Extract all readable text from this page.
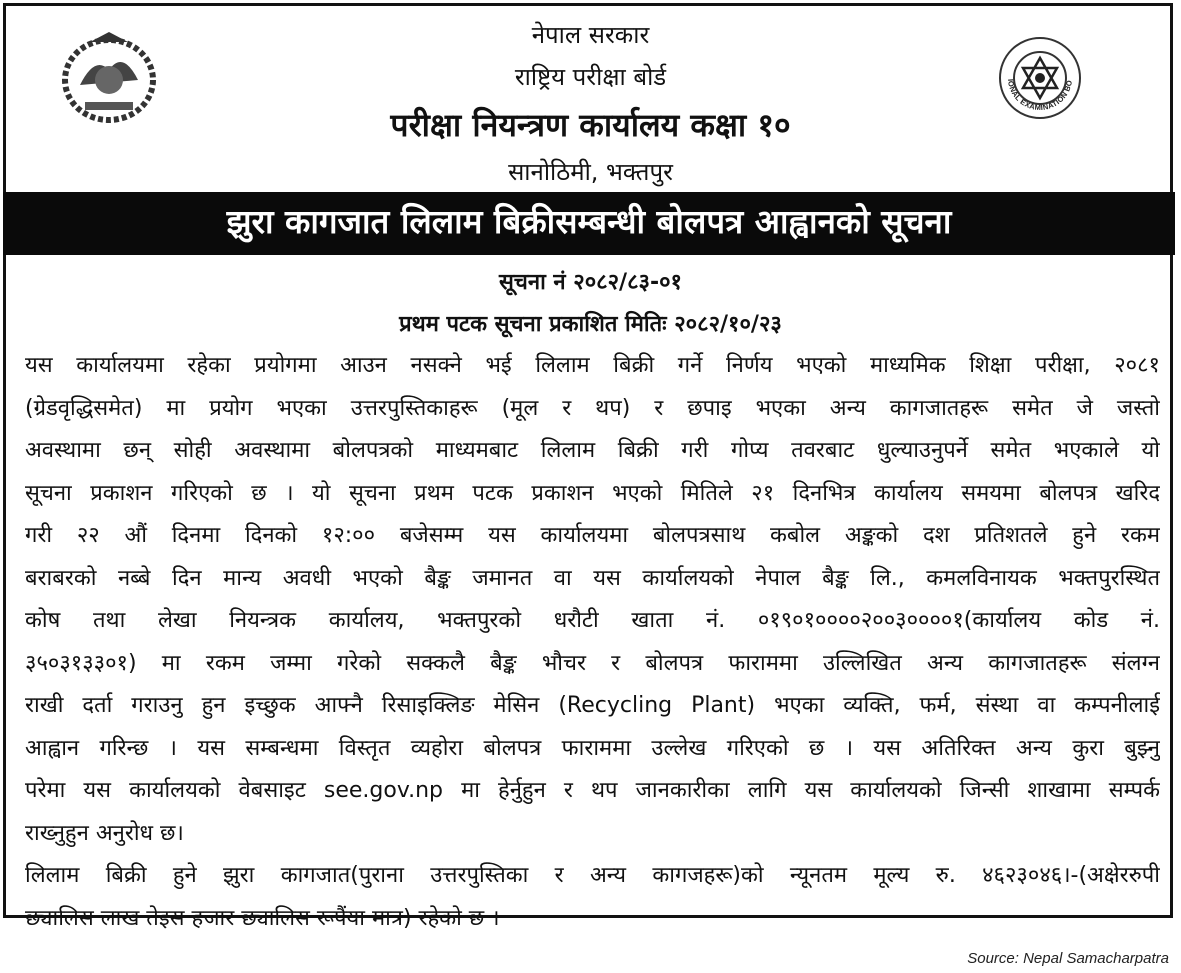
IONAL EXAMINATION BO
नेपाल सरकार
राष्ट्रिय परीक्षा बोर्ड
परीक्षा नियन्त्रण कार्यालय कक्षा १०
सानोठिमी, भक्तपुर
झुरा कागजात लिलाम बिक्रीसम्बन्धी बोलपत्र आह्वानको सूचना
सूचना नं २०८२/८३-०१
प्रथम पटक सूचना प्रकाशित मितिः २०८२/१०/२३
यस कार्यालयमा रहेका प्रयोगमा आउन नसक्ने भई लिलाम बिक्री गर्ने निर्णय भएको माध्यमिक शिक्षा परीक्षा, २०८१
(ग्रेडवृद्धिसमेत) मा प्रयोग भएका उत्तरपुस्तिकाहरू (मूल र थप) र छपाइ भएका अन्य कागजातहरू समेत जे जस्तो
अवस्थामा छन् सोही अवस्थामा बोलपत्रको माध्यमबाट लिलाम बिक्री गरी गोप्य तवरबाट धुल्याउनुपर्ने समेत भएकाले यो
सूचना प्रकाशन गरिएको छ । यो सूचना प्रथम पटक प्रकाशन भएको मितिले २१ दिनभित्र कार्यालय समयमा बोलपत्र खरिद
गरी २२ औं दिनमा दिनको १२:०० बजेसम्म यस कार्यालयमा बोलपत्रसाथ कबोल अङ्कको दश प्रतिशतले हुने रकम
बराबरको नब्बे दिन मान्य अवधी भएको बैङ्क जमानत वा यस कार्यालयको नेपाल बैङ्क लि., कमलविनायक भक्तपुरस्थित
कोष तथा लेखा नियन्त्रक कार्यालय, भक्तपुरको धरौटी खाता नं. ०१९०१००००२००३००००१(कार्यालय कोड नं.
३५०३१३३०१) मा रकम जम्मा गरेको सक्कलै बैङ्क भौचर र बोलपत्र फाराममा उल्लिखित अन्य कागजातहरू संलग्न
राखी दर्ता गराउनु हुन इच्छुक आफ्नै रिसाइक्लिङ मेसिन (Recycling Plant) भएका व्यक्ति, फर्म, संस्था वा कम्पनीलाई
आह्वान गरिन्छ । यस सम्बन्धमा विस्तृत व्यहोरा बोलपत्र फाराममा उल्लेख गरिएको छ । यस अतिरिक्त अन्य कुरा बुझ्नु
परेमा यस कार्यालयको वेबसाइट see.gov.np मा हेर्नुहुन र थप जानकारीका लागि यस कार्यालयको जिन्सी शाखामा सम्पर्क
राख्नुहुन अनुरोध छ।
लिलाम बिक्री हुने झुरा कागजात(पुराना उत्तरपुस्तिका र अन्य कागजहरू)को न्यूनतम मूल्य रु. ४६२३०४६।-(अक्षेररुपी
छ्यालिस लाख तेइस हजार छ्यालिस रूपैंया मात्र) रहेको छ ।
Source: Nepal Samacharpatra
